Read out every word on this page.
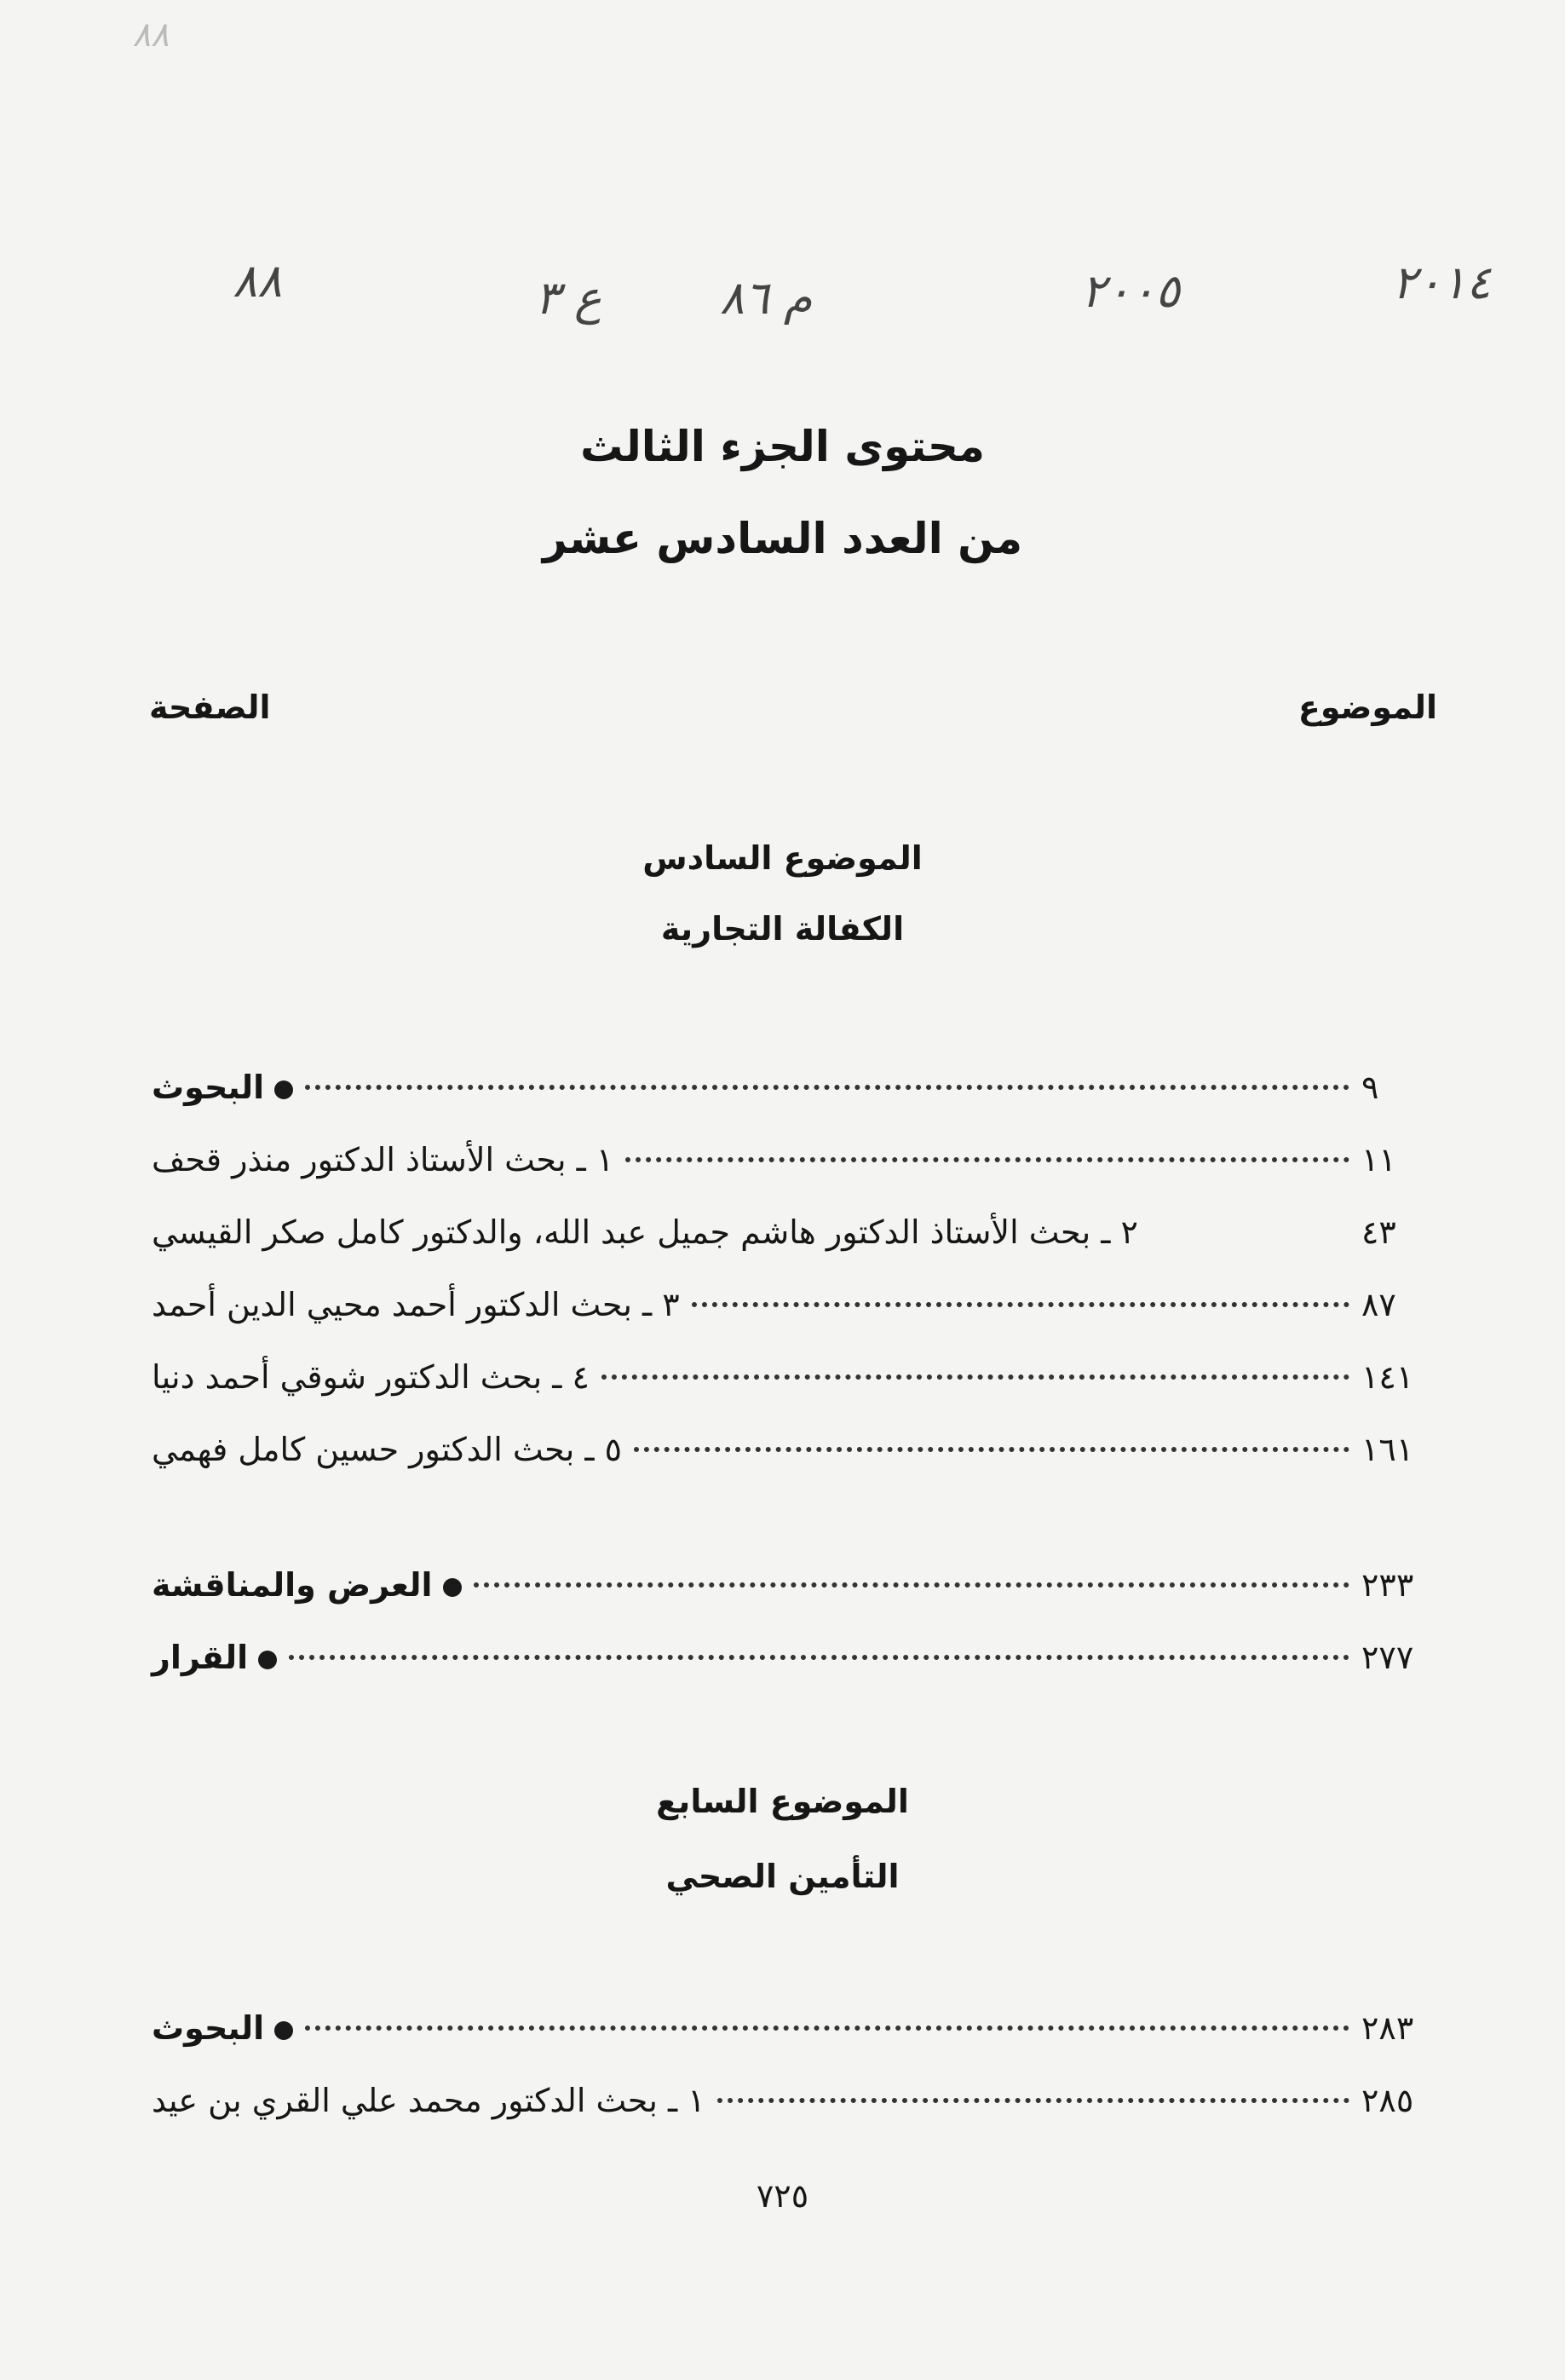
٨٨	ع ٣	م ٨٦	٢٠٠٥	٢٠١٤
٨٨
محتوى الجزء الثالث
من العدد السادس عشر
الموضوع
الصفحة
الموضوع السادس
الكفالة التجارية
البحوث	٩
١ ـ بحث الأستاذ الدكتور منذر قحف	١١
٢ ـ بحث الأستاذ الدكتور هاشم جميل عبد الله، والدكتور كامل صكر القيسي	٤٣
٣ ـ بحث الدكتور أحمد محيي الدين أحمد	٨٧
٤ ـ بحث الدكتور شوقي أحمد دنيا	١٤١
٥ ـ بحث الدكتور حسين كامل فهمي	١٦١
العرض والمناقشة	٢٣٣
القرار	٢٧٧
الموضوع السابع
التأمين الصحي
البحوث	٢٨٣
١ ـ بحث الدكتور محمد علي القري بن عيد	٢٨٥
٧٢٥
